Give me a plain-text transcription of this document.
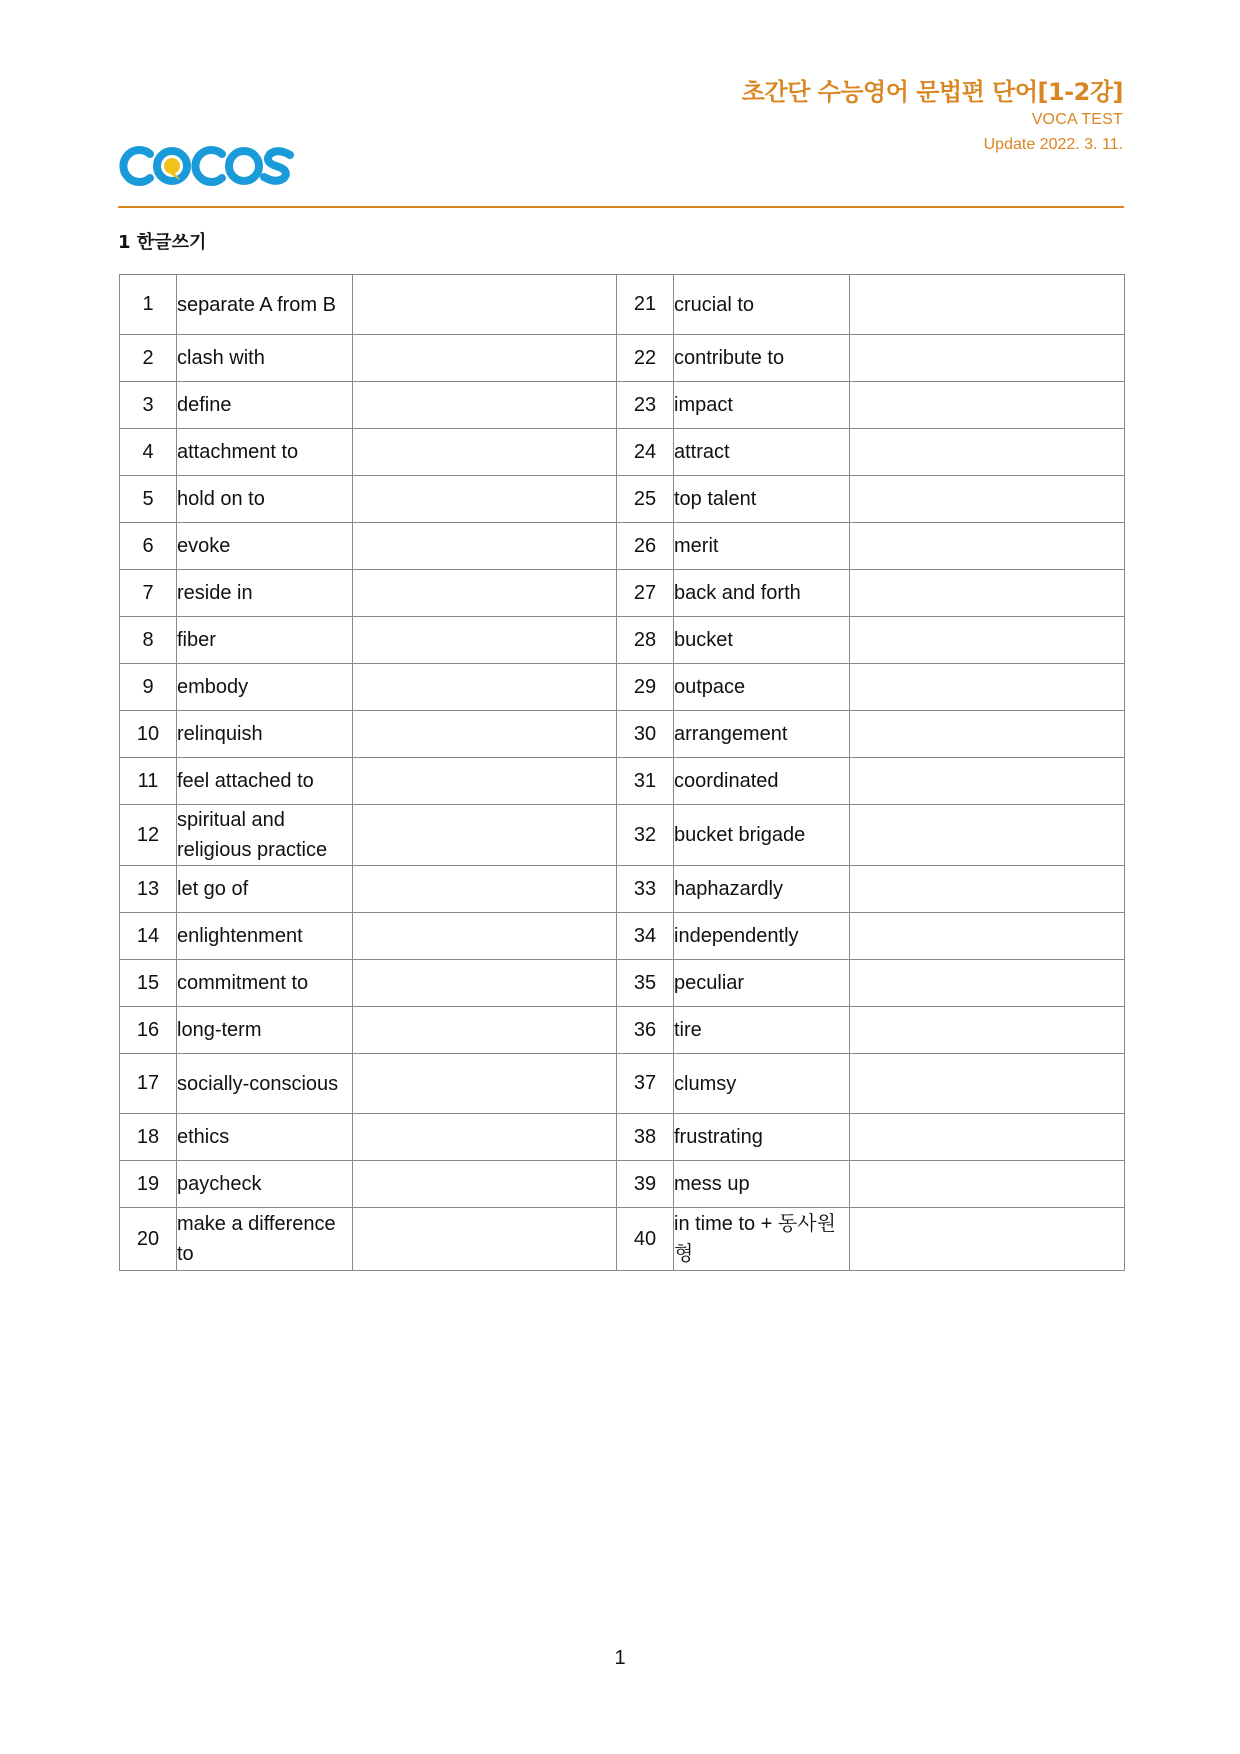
초간단 수능영어 문법편 단어[1-2강]
VOCA TEST
Update 2022. 3. 11.
1 한글쓰기
1	separate A from B		21	crucial to	
2	clash with		22	contribute to	
3	define		23	impact	
4	attachment to		24	attract	
5	hold on to		25	top talent	
6	evoke		26	merit	
7	reside in		27	back and forth	
8	fiber		28	bucket	
9	embody		29	outpace	
10	relinquish		30	arrangement	
11	feel attached to		31	coordinated	
12	spiritual and religious practice		32	bucket brigade	
13	let go of		33	haphazardly	
14	enlightenment		34	independently	
15	commitment to		35	peculiar	
16	long-term		36	tire	
17	socially-conscious		37	clumsy	
18	ethics		38	frustrating	
19	paycheck		39	mess up	
20	make a difference to		40	in time to + 동사원형	
1
